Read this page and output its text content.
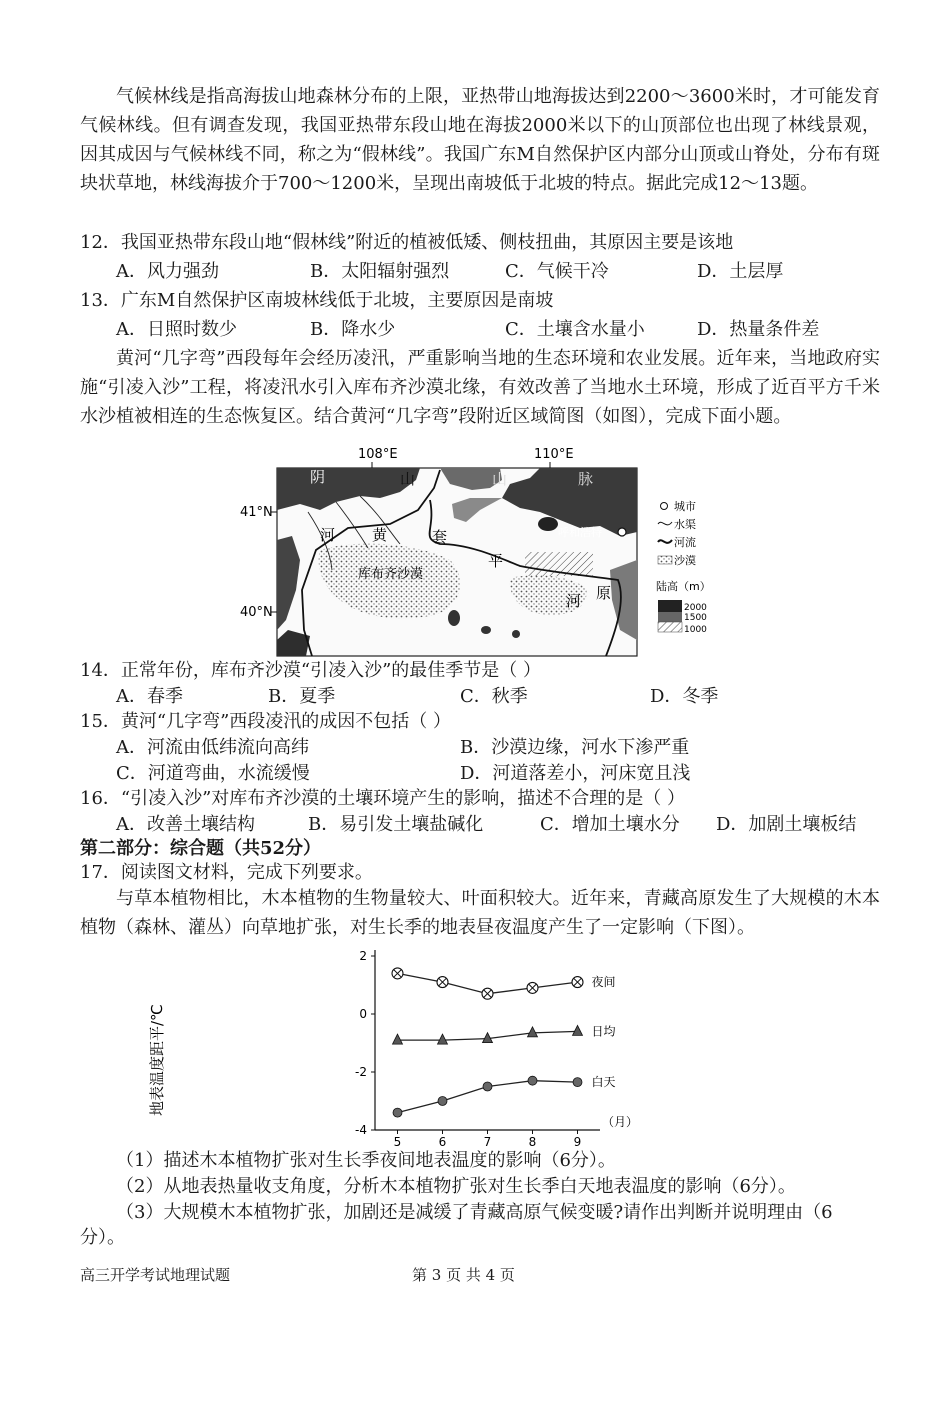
气候林线是指高海拔山地森林分布的上限，亚热带山地海拔达到2200～3600米时，才可能发育气候林线。但有调查发现，我国亚热带东段山地在海拔2000米以下的山顶部位也出现了林线景观，因其成因与气候林线不同，称之为“假林线”。我国广东M自然保护区内部分山顶或山脊处，分布有斑块状草地，林线海拔介于700～1200米，呈现出南坡低于北坡的特点。据此完成12～13题。

12．我国亚热带东段山地“假林线”附近的植被低矮、侧枝扭曲，其原因主要是该地
A．风力强劲	B．太阳辐射强烈	C．气候干冷	D．土层厚
13．广东M自然保护区南坡林线低于北坡，主要原因是南坡
A．日照时数少	B．降水少	C．土壤含水量小	D．热量条件差

黄河“几字弯”西段每年会经历凌汛，严重影响当地的生态环境和农业发展。近年来，当地政府实施“引凌入沙”工程，将凌汛水引入库布齐沙漠北缘，有效改善了当地水土环境，形成了近百平方千米水沙植被相连的生态恢复区。结合黄河“几字弯”段附近区域简图（如图），完成下面小题。

108°E	110°E
41°N
40°N
阴	山	山	脉
河 黄	套
平
原
河
库布齐沙漠
呼和浩特
城市
水渠
河流
沙漠
陆高（m）
2000
1500
1000
14．正常年份，库布齐沙漠“引凌入沙”的最佳季节是（ ）
A．春季	B．夏季	C．秋季	D．冬季
15．黄河“几字弯”西段凌汛的成因不包括（ ）
A．河流由低纬流向高纬	B．沙漠边缘，河水下渗严重
C．河道弯曲，水流缓慢	D．河道落差小，河床宽且浅
16．“引凌入沙”对库布齐沙漠的土壤环境产生的影响，描述不合理的是（ ）
A．改善土壤结构	B．易引发土壤盐碱化	C．增加土壤水分 D．加剧土壤板结
第二部分：综合题（共52分）
17．阅读图文材料，完成下列要求。

与草本植物相比，木本植物的生物量较大、叶面积较大。近年来，青藏高原发生了大规模的木本植物（森林、灌丛）向草地扩张，对生长季的地表昼夜温度产生了一定影响（下图）。

地表温度距平/℃
2
0
-2
-4
5	6	7	8	9
夜间
日均
白天
（月）
（1）描述木本植物扩张对生长季夜间地表温度的影响（6分）。
（2）从地表热量收支角度，分析木本植物扩张对生长季白天地表温度的影响（6分）。
（3）大规模木本植物扩张，加剧还是减缓了青藏高原气候变暖?请作出判断并说明理由（6
分）。
高三开学考试地理试题	第 3 页 共 4 页
